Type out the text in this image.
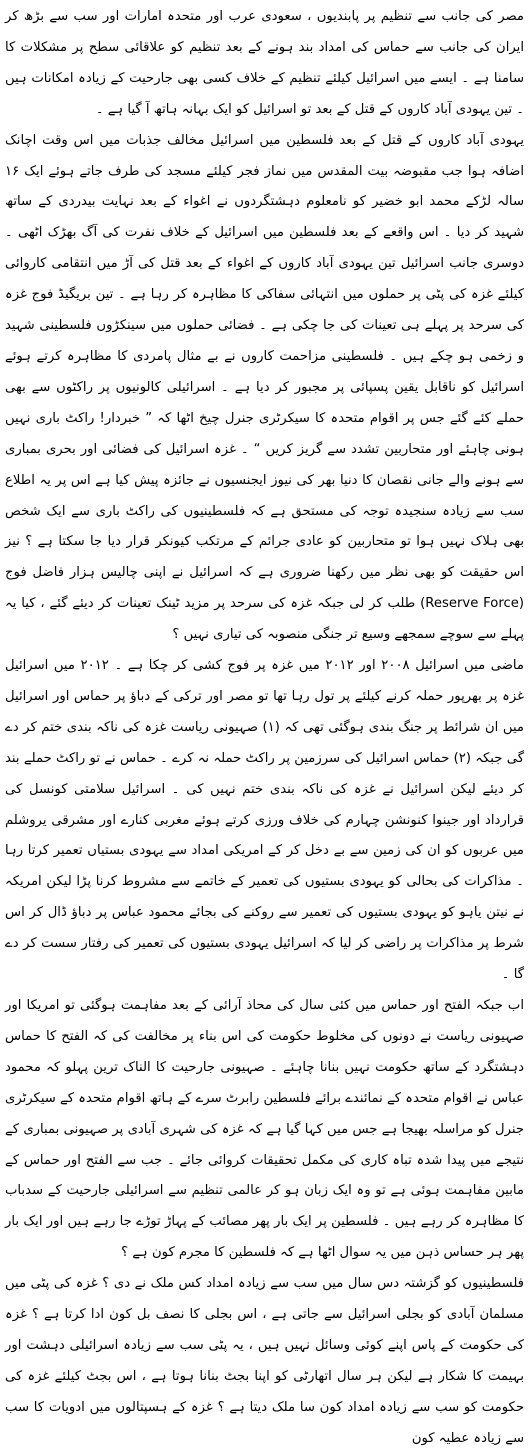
مصر کی جانب سے تنظیم پر پابندیوں ، سعودی عرب اور متحدہ امارات اور سب سے بڑھ کر ایران کی جانب سے حماس کی امداد بند ہونے کے بعد تنظیم کو علاقائی سطح پر مشکلات کا سامنا ہے ۔ ایسے میں اسرائیل کیلئے تنظیم کے خلاف کسی بھی جارحیت کے زیادہ امکانات ہیں ۔ تین یہودی آباد کاروں کے قتل کے بعد تو اسرائیل کو ایک بہانہ ہاتھ آ گیا ہے ۔

یہودی آباد کاروں کے قتل کے بعد فلسطین میں اسرائیل مخالف جذبات میں اس وقت اچانک اضافہ ہوا جب مقبوضہ بیت المقدس میں نماز فجر کیلئے مسجد کی طرف جاتے ہوئے ایک ۱۶ سالہ لڑکے محمد ابو خضیر کو نامعلوم دہشتگردوں نے اغواء کے بعد نہایت بیدردی کے ساتھ شہید کر دیا ۔ اس واقعے کے بعد فلسطین میں اسرائیل کے خلاف نفرت کی آگ بھڑک اٹھی ۔ دوسری جانب اسرائیل تین یہودی آباد کاروں کے اغواء کے بعد قتل کی آڑ میں انتقامی کاروائی کیلئے غزہ کی پٹی پر حملوں میں انتہائی سفاکی کا مظاہرہ کر رہا ہے ۔ تین بریگیڈ فوج غزہ کی سرحد پر پہلے ہی تعینات کی جا چکی ہے ۔ فضائی حملوں میں سینکڑوں فلسطینی شہید و زخمی ہو چکے ہیں ۔ فلسطینی مزاحمت کاروں نے بے مثال پامردی کا مظاہرہ کرتے ہوئے اسرائیل کو ناقابل یقین پسپائی پر مجبور کر دیا ہے ۔ اسرائیلی کالونیوں پر راکٹوں سے بھی حملے کئے گئے جس پر اقوام متحدہ کا سیکرٹری جنرل چیخ اٹھا کہ ” خبردار! راکٹ باری نہیں ہونی چاہئے اور متحاربین تشدد سے گریز کریں “ ۔ غزہ اسرائیل کی فضائی اور بحری بمباری سے ہونے والے جانی نقصان کا دنیا بھر کی نیوز ایجنسیوں نے جائزہ پیش کیا ہے اس پر یہ اطلاع سب سے زیادہ سنجیدہ توجہ کی مستحق ہے کہ فلسطینیوں کی راکٹ باری سے ایک شخص بھی ہلاک نہیں ہوا تو متحاربین کو عادی جرائم کے مرتکب کیونکر قرار دیا جا سکتا ہے ؟ نیز اس حقیقت کو بھی نظر میں رکھنا ضروری ہے کہ اسرائیل نے اپنی چالیس ہزار فاضل فوج (Reserve Force) طلب کر لی جبکہ غزہ کی سرحد پر مزید ٹینک تعینات کر دیئے گئے ، کیا یہ پہلے سے سوچے سمجھے وسیع تر جنگی منصوبہ کی تیاری نہیں ؟

ماضی میں اسرائیل ۲۰۰۸ اور ۲۰۱۲ میں غزہ پر فوج کشی کر چکا ہے ۔ ۲۰۱۲ میں اسرائیل غزہ پر بھرپور حملہ کرنے کیلئے پر تول رہا تھا تو مصر اور ترکی کے دباؤ پر حماس اور اسرائیل میں ان شرائط پر جنگ بندی ہوگئی تھی کہ (۱) صہیونی ریاست غزہ کی ناکہ بندی ختم کر دے گی جبکہ (۲) حماس اسرائیل کی سرزمین پر راکٹ حملہ نہ کرے ۔ حماس نے تو راکٹ حملے بند کر دیئے لیکن اسرائیل نے غزہ کی ناکہ بندی ختم نہیں کی ۔ اسرائیل سلامتی کونسل کی قرارداد اور جینوا کنونشن چہارم کی خلاف ورزی کرتے ہوئے مغربی کنارے اور مشرقی یروشلم میں عربوں کو ان کی زمین سے بے دخل کر کے امریکی امداد سے یہودی بستیاں تعمیر کرتا رہا ۔ مذاکرات کی بحالی کو یہودی بستیوں کی تعمیر کے خاتمے سے مشروط کرنا پڑا لیکن امریکہ نے نیتن یاہو کو یہودی بستیوں کی تعمیر سے روکنے کی بجائے محمود عباس پر دباؤ ڈال کر اس شرط پر مذاکرات پر راضی کر لیا کہ اسرائیل یہودی بستیوں کی تعمیر کی رفتار سست کر دے گا ۔

اب جبکہ الفتح اور حماس میں کئی سال کی محاذ آرائی کے بعد مفاہمت ہوگئی تو امریکا اور صہیونی ریاست نے دونوں کی مخلوط حکومت کی اس بناء پر مخالفت کی کہ الفتح کا حماس دہشتگرد کے ساتھ حکومت نہیں بنانا چاہئے ۔ صہیونی جارحیت کا الناک ترین پہلو کہ محمود عباس نے اقوام متحدہ کے نمائندے برائے فلسطین رابرٹ سرے کے ہاتھ اقوام متحدہ کے سیکرٹری جنرل کو مراسلہ بھیجا ہے جس میں کہا گیا ہے کہ غزہ کی شہری آبادی پر صہیونی بمباری کے نتیجے میں پیدا شدہ تباہ کاری کی مکمل تحقیقات کروائی جائے ۔ جب سے الفتح اور حماس کے مابین مفاہمت ہوئی ہے تو وہ ایک زبان ہو کر عالمی تنظیم سے اسرائیلی جارحیت کے سدباب کا مظاہرہ کر رہے ہیں ۔ فلسطین پر ایک بار پھر مصائب کے پہاڑ توڑے جا رہے ہیں اور ایک بار پھر ہر حساس ذہن میں یہ سوال اٹھا ہے کہ فلسطین کا مجرم کون ہے ؟

فلسطینیوں کو گزشتہ دس سال میں سب سے زیادہ امداد کس ملک نے دی ؟ غزہ کی پٹی میں مسلمان آبادی کو بجلی اسرائیل سے جاتی ہے ، اس بجلی کا نصف بل کون ادا کرتا ہے ؟ غزہ کی حکومت کے پاس اپنے کوئی وسائل نہیں ہیں ، یہ پٹی سب سے زیادہ اسرائیلی دہشت اور بہیمت کا شکار ہے لیکن ہر سال اتھارٹی کو اپنا بجٹ بنانا ہوتا ہے ، اس بجٹ کیلئے غزہ کی حکومت کو سب سے زیادہ امداد کون سا ملک دیتا ہے ؟ غزہ کے ہسپتالوں میں ادویات کا سب سے زیادہ عطیہ کون
